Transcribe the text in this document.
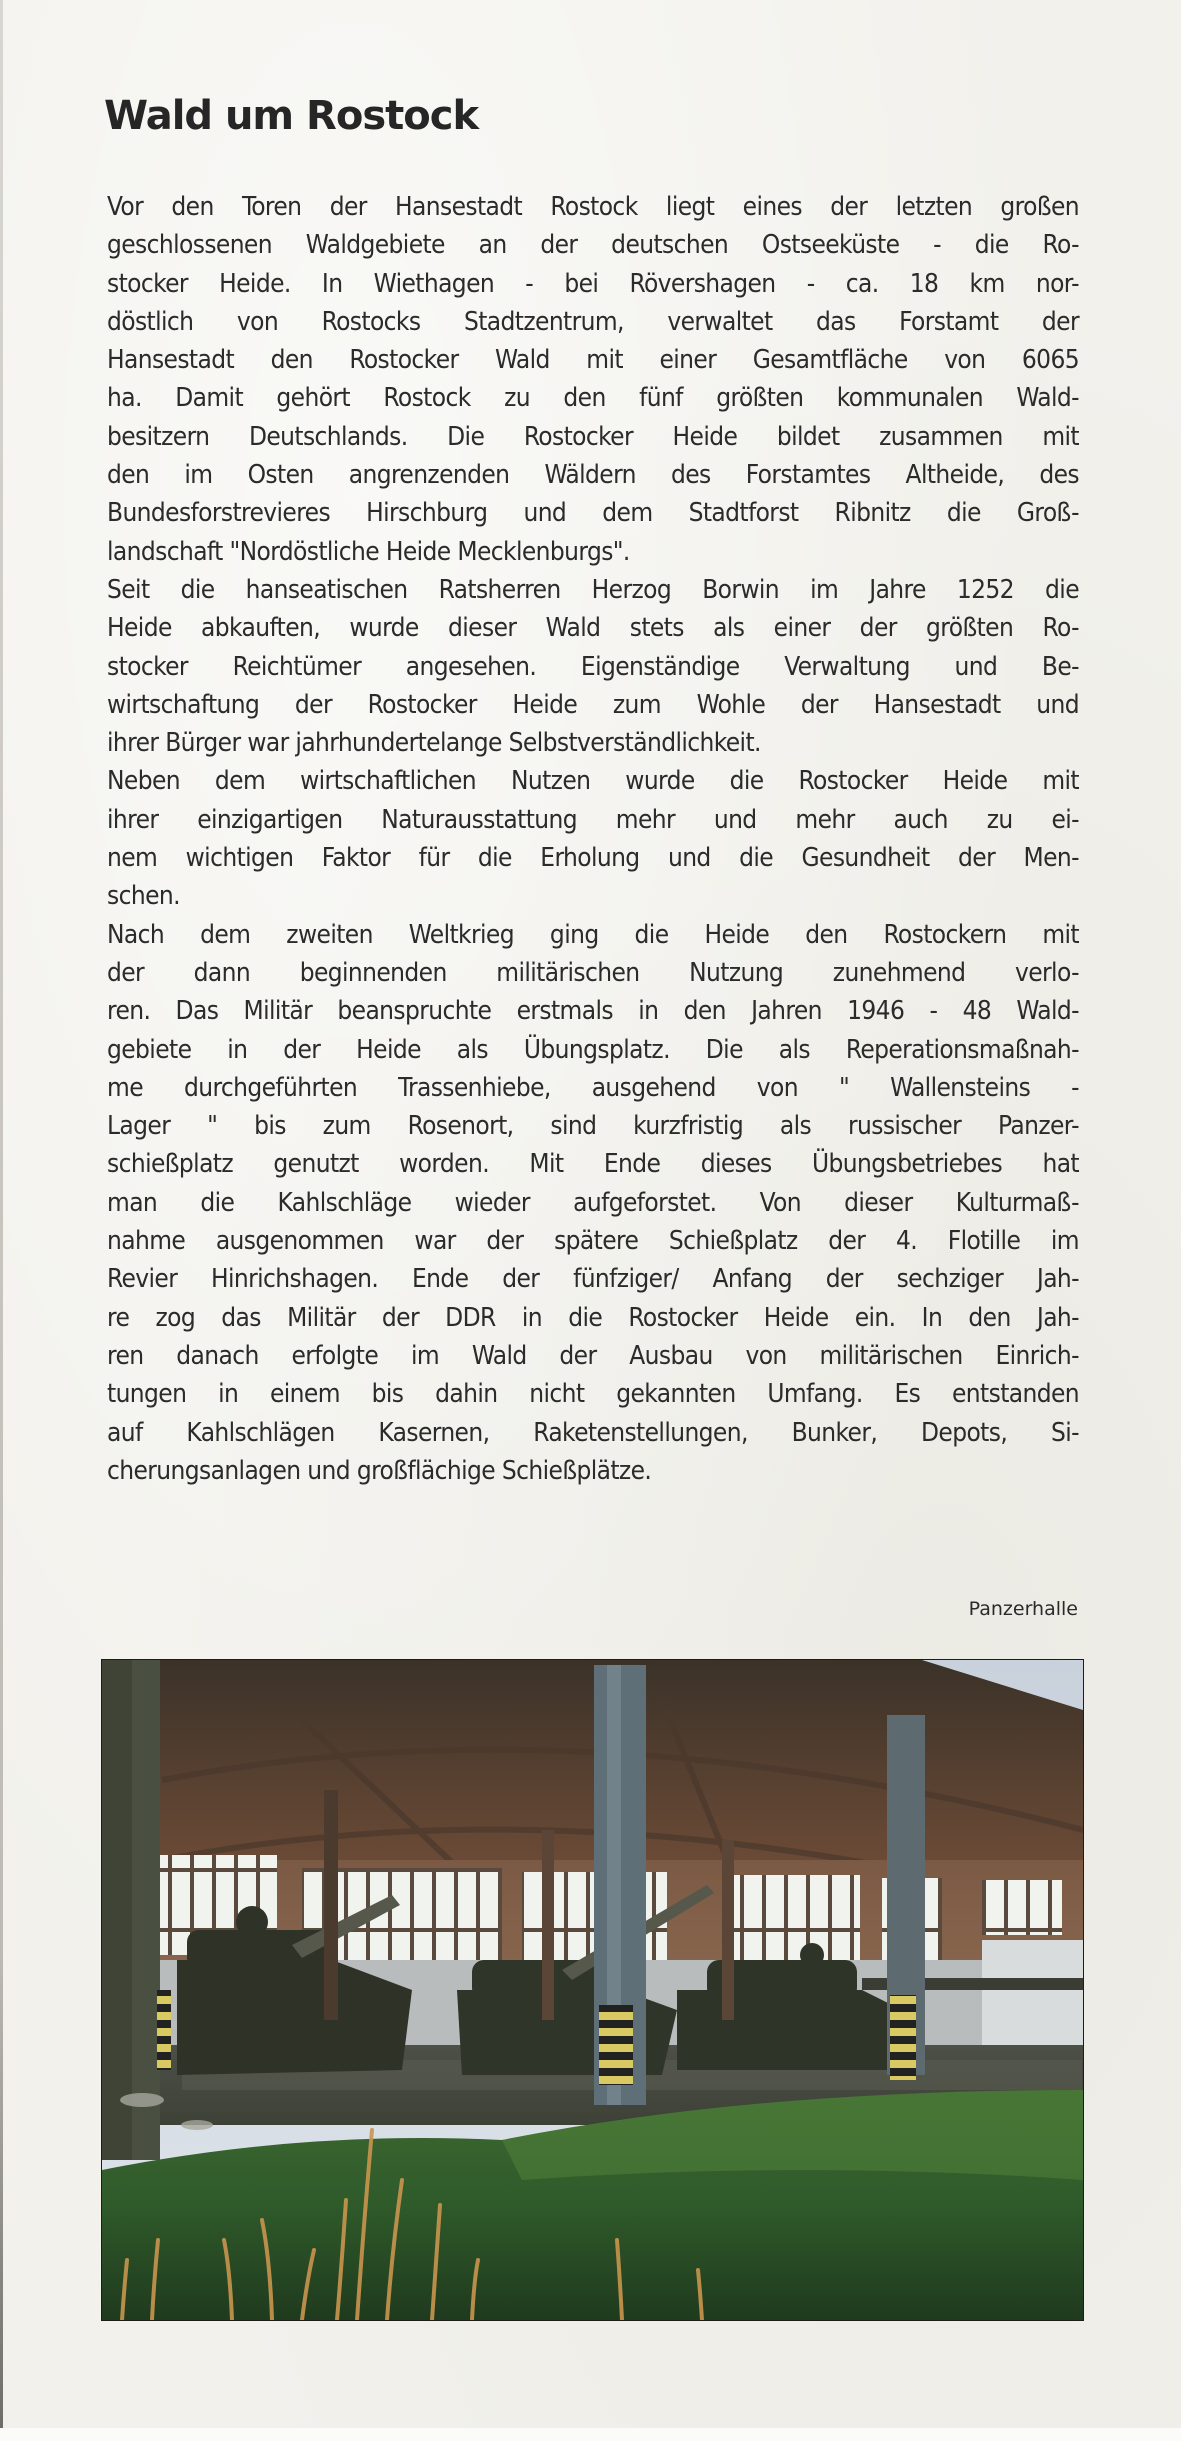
Wald um Rostock
Vor den Toren der Hansestadt Rostock liegt eines der letzten großen
geschlossenen Waldgebiete an der deutschen Ostseeküste - die Ro-
stocker Heide. In Wiethagen - bei Rövershagen - ca. 18 km nor-
döstlich von Rostocks Stadtzentrum, verwaltet das Forstamt der
Hansestadt den Rostocker Wald mit einer Gesamtfläche von 6065
ha. Damit gehört Rostock zu den fünf größten kommunalen Wald-
besitzern Deutschlands. Die Rostocker Heide bildet zusammen mit
den im Osten angrenzenden Wäldern des Forstamtes Altheide, des
Bundesforstrevieres Hirschburg und dem Stadtforst Ribnitz die Groß-
landschaft "Nordöstliche Heide Mecklenburgs".
Seit die hanseatischen Ratsherren Herzog Borwin im Jahre 1252 die
Heide abkauften, wurde dieser Wald stets als einer der größten Ro-
stocker Reichtümer angesehen. Eigenständige Verwaltung und Be-
wirtschaftung der Rostocker Heide zum Wohle der Hansestadt und
ihrer Bürger war jahrhundertelange Selbstverständlichkeit.
Neben dem wirtschaftlichen Nutzen wurde die Rostocker Heide mit
ihrer einzigartigen Naturausstattung mehr und mehr auch zu ei-
nem wichtigen Faktor für die Erholung und die Gesundheit der Men-
schen.
Nach dem zweiten Weltkrieg ging die Heide den Rostockern mit
der dann beginnenden militärischen Nutzung zunehmend verlo-
ren. Das Militär beanspruchte erstmals in den Jahren 1946 - 48 Wald-
gebiete in der Heide als Übungsplatz. Die als Reperationsmaßnah-
me durchgeführten Trassenhiebe, ausgehend von " Wallensteins -
Lager " bis zum Rosenort, sind kurzfristig als russischer Panzer-
schießplatz genutzt worden. Mit Ende dieses Übungsbetriebes hat
man die Kahlschläge wieder aufgeforstet. Von dieser Kulturmaß-
nahme ausgenommen war der spätere Schießplatz der 4. Flotille im
Revier Hinrichshagen. Ende der fünfziger/ Anfang der sechziger Jah-
re zog das Militär der DDR in die Rostocker Heide ein. In den Jah-
ren danach erfolgte im Wald der Ausbau von militärischen Einrich-
tungen in einem bis dahin nicht gekannten Umfang. Es entstanden
auf Kahlschlägen Kasernen, Raketenstellungen, Bunker, Depots, Si-
cherungsanlagen und großflächige Schießplätze.
Panzerhalle
